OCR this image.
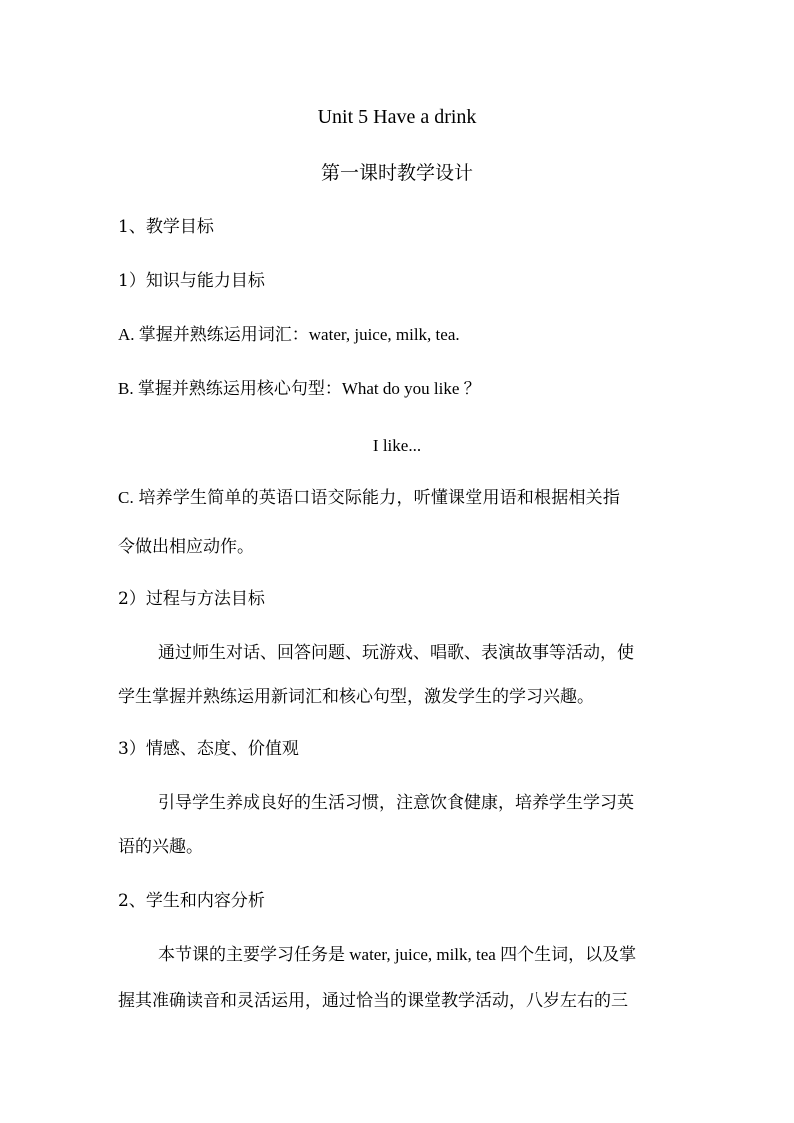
Unit 5 Have a drink
第一课时教学设计
1、教学目标
1）知识与能力目标
A. 掌握并熟练运用词汇：water, juice, milk, tea.
B. 掌握并熟练运用核心句型：What do you like ？
I like...
C. 培养学生简单的英语口语交际能力，听懂课堂用语和根据相关指
令做出相应动作。
2）过程与方法目标
通过师生对话、回答问题、玩游戏、唱歌、表演故事等活动，使
学生掌握并熟练运用新词汇和核心句型，激发学生的学习兴趣。
3）情感、态度、价值观
引导学生养成良好的生活习惯，注意饮食健康，培养学生学习英
语的兴趣。
2、学生和内容分析
本节课的主要学习任务是 water, juice, milk, tea 四个生词，以及掌
握其准确读音和灵活运用，通过恰当的课堂教学活动，八岁左右的三
